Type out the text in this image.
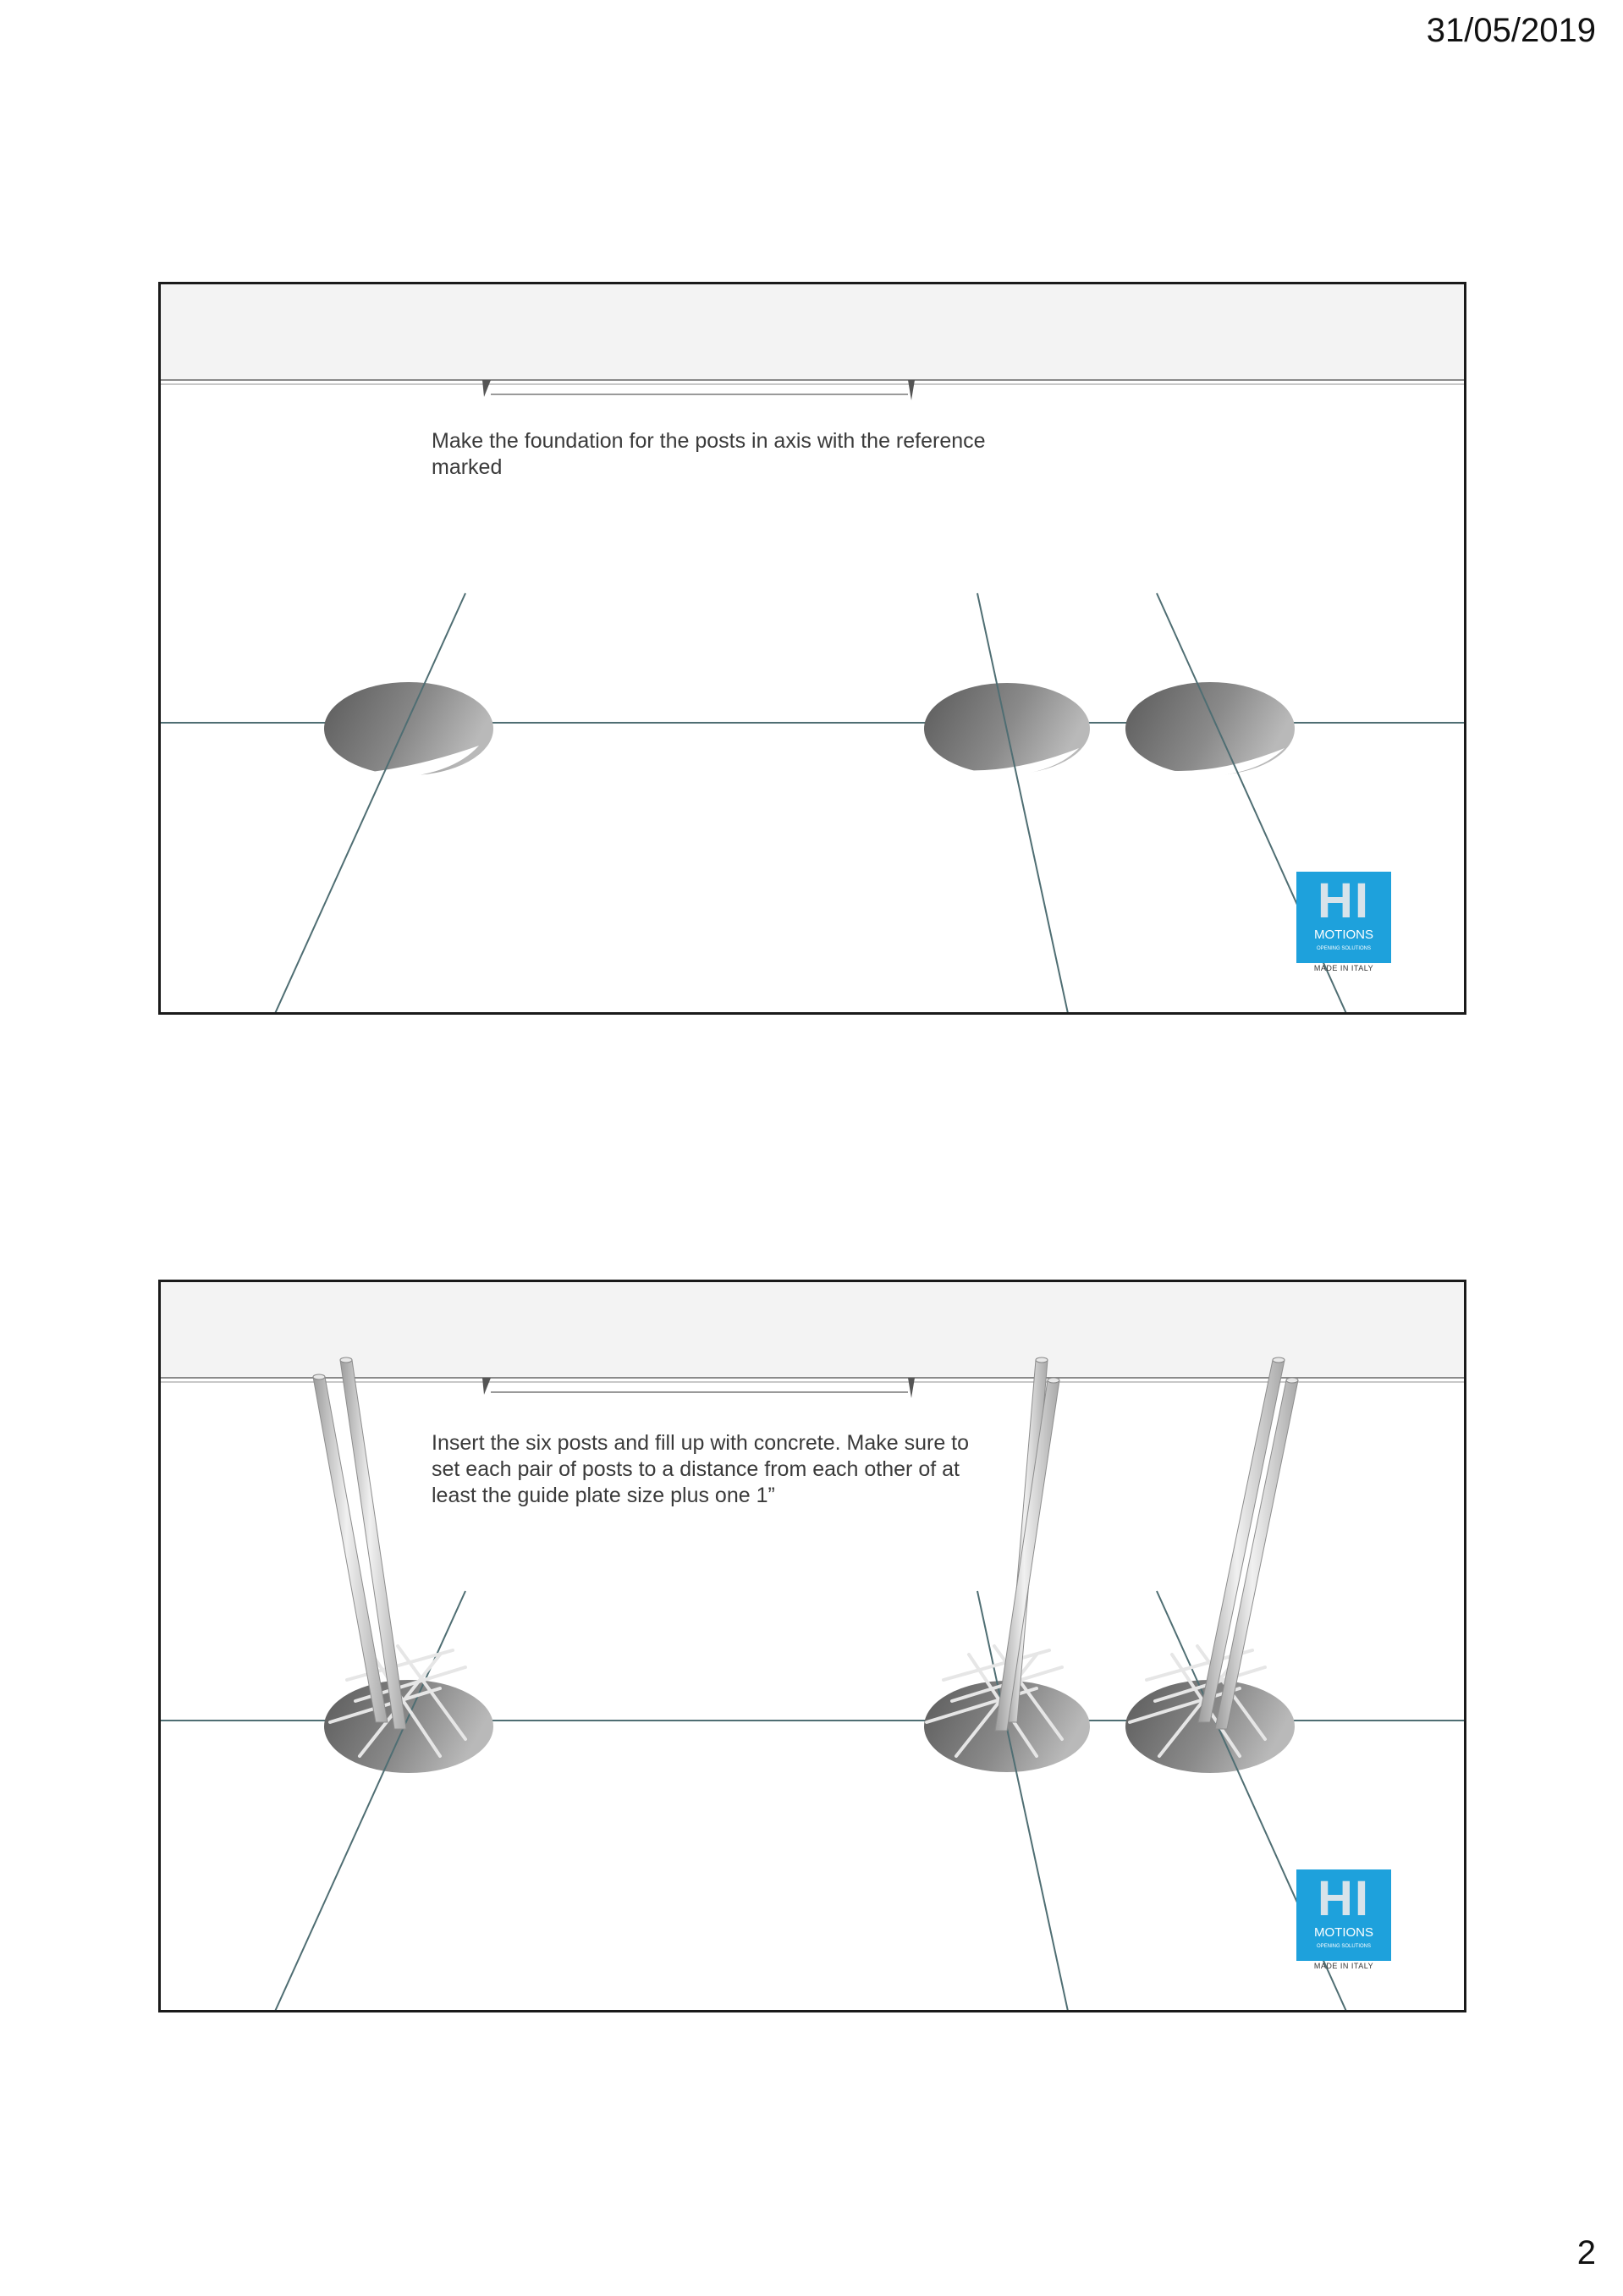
31/05/2019
Make the foundation for the posts in axis with the reference marked
HI
MOTIONS
OPENING SOLUTIONS
MADE IN ITALY
Insert the six posts and fill up with concrete. Make sure to set each pair of posts to a distance from each other of at least the guide plate size plus one 1”
HI
MOTIONS
OPENING SOLUTIONS
MADE IN ITALY
2
